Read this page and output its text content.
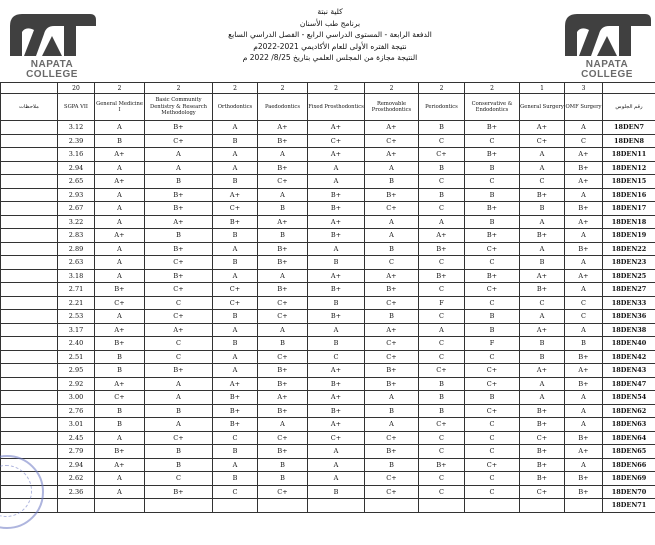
NAPATA COLLEGE
NAPATA COLLEGE
كلية نبتة
برنامج طب الأسنان
الدفعة الرابعة - المستوى الدراسي الرابع - الفصل الدراسي السابع
نتيجة الفتره الأولى للعام الأكاديمي 2021-2022م
النتيجة مجازة من المجلس العلمي بتاريخ 8/25/ 2022 م
	20	2	2	2	2	2	2	2	2	1	3	
ملاحظات	SGPA VII	General Medicine I	Basic Community Dentistry & Research Methodology	Orthodontics	Paedodontics	Fixed Prosthodontics	Removable Prosthodontics	Periodontics	Conservative & Endodontics	General Surgery	OMF Surgery	رقم الجلوس
	3.12	A	B+	A	A+	A+	A+	B	B+	A+	A	18DEN7
	2.39	B	C+	B	B+	C+	C+	C	C	C+	C	18DEN8
	3.16	A+	A	A	A	A+	A+	C+	B+	A	A+	18DEN11
	2.94	A	A	A	B+	A	A	B	B	A	B+	18DEN12
	2.65	A+	B	B	C+	A	B	C	C	C	A+	18DEN15
	2.93	A	B+	A+	A	B+	B+	B	B	B+	A	18DEN16
	2.67	A	B+	C+	B	B+	C+	C	B+	B	B+	18DEN17
	3.22	A	A+	B+	A+	A+	A	A	B	A	A+	18DEN18
	2.83	A+	B	B	B	B+	A	A+	B+	B+	A	18DEN19
	2.89	A	B+	A	B+	A	B	B+	C+	A	B+	18DEN22
	2.63	A	C+	B	B+	B	C	C	C	B	A	18DEN23
	3.18	A	B+	A	A	A+	A+	B+	B+	A+	A+	18DEN25
	2.71	B+	C+	C+	B+	B+	B+	C	C+	B+	A	18DEN27
	2.21	C+	C	C+	C+	B	C+	F	C	C	C	18DEN33
	2.53	A	C+	B	C+	B+	B	C	B	A	C	18DEN36
	3.17	A+	A+	A	A	A	A+	A	B	A+	A	18DEN38
	2.40	B+	C	B	B	B	C+	C	F	B	B	18DEN40
	2.51	B	C	A	C+	C	C+	C	C	B	B+	18DEN42
	2.95	B	B+	A	B+	A+	B+	C+	C+	A+	A+	18DEN43
	2.92	A+	A	A+	B+	B+	B+	B	C+	A	B+	18DEN47
	3.00	C+	A	B+	A+	A+	A	B	B	A	A	18DEN54
	2.76	B	B	B+	B+	B+	B	B	C+	B+	A	18DEN62
	3.01	B	A	B+	A	A+	A	C+	C	B+	A	18DEN63
	2.45	A	C+	C	C+	C+	C+	C	C	C+	B+	18DEN64
	2.79	B+	B	B	B+	A	B+	C	C	B+	A+	18DEN65
	2.94	A+	B	A	B	A	B	B+	C+	B+	A	18DEN66
	2.62	A	C	B	B	A	C+	C	C	B+	B+	18DEN69
	2.36	A	B+	C	C+	B	C+	C	C	C+	B+	18DEN70
												18DEN71
